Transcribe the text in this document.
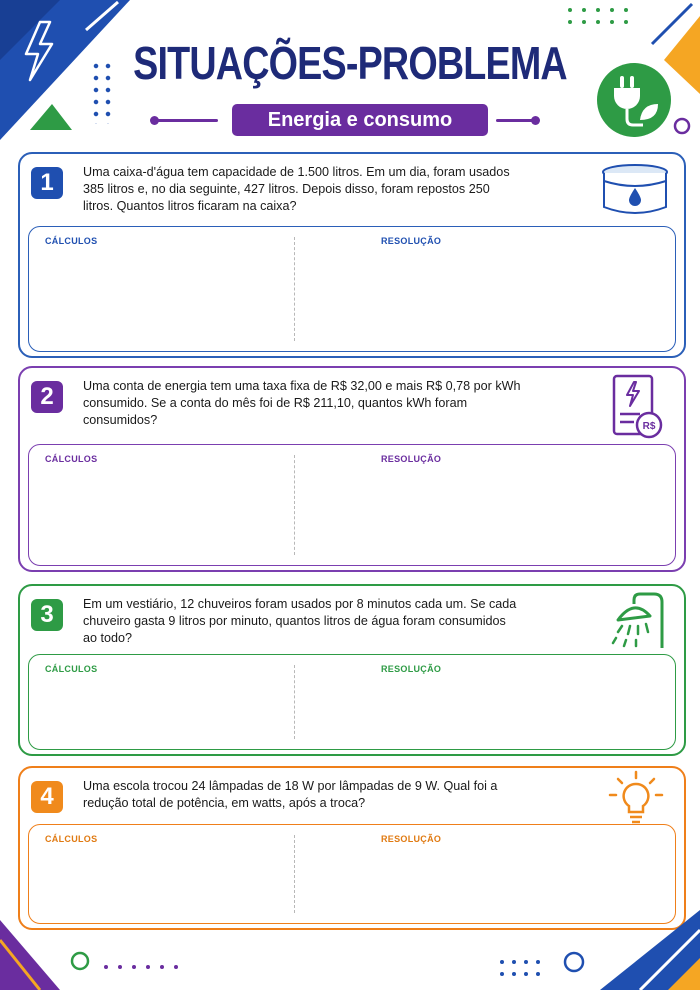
SITUAÇÕES-PROBLEMA
Energia e consumo
1	Uma caixa-d'água tem capacidade de 1.500 litros. Em um dia, foram usados 385 litros e, no dia seguinte, 427 litros. Depois disso, foram repostos 250 litros. Quantos litros ficaram na caixa?
CÁLCULOS	RESOLUÇÃO
2	Uma conta de energia tem uma taxa fixa de R$ 32,00 e mais R$ 0,78 por kWh consumido. Se a conta do mês foi de R$ 211,10, quantos kWh foram consumidos?	R$
CÁLCULOS	RESOLUÇÃO
3	Em um vestiário, 12 chuveiros foram usados por 8 minutos cada um. Se cada chuveiro gasta 9 litros por minuto, quantos litros de água foram consumidos ao todo?
CÁLCULOS	RESOLUÇÃO
4	Uma escola trocou 24 lâmpadas de 18 W por lâmpadas de 9 W. Qual foi a redução total de potência, em watts, após a troca?
CÁLCULOS	RESOLUÇÃO
